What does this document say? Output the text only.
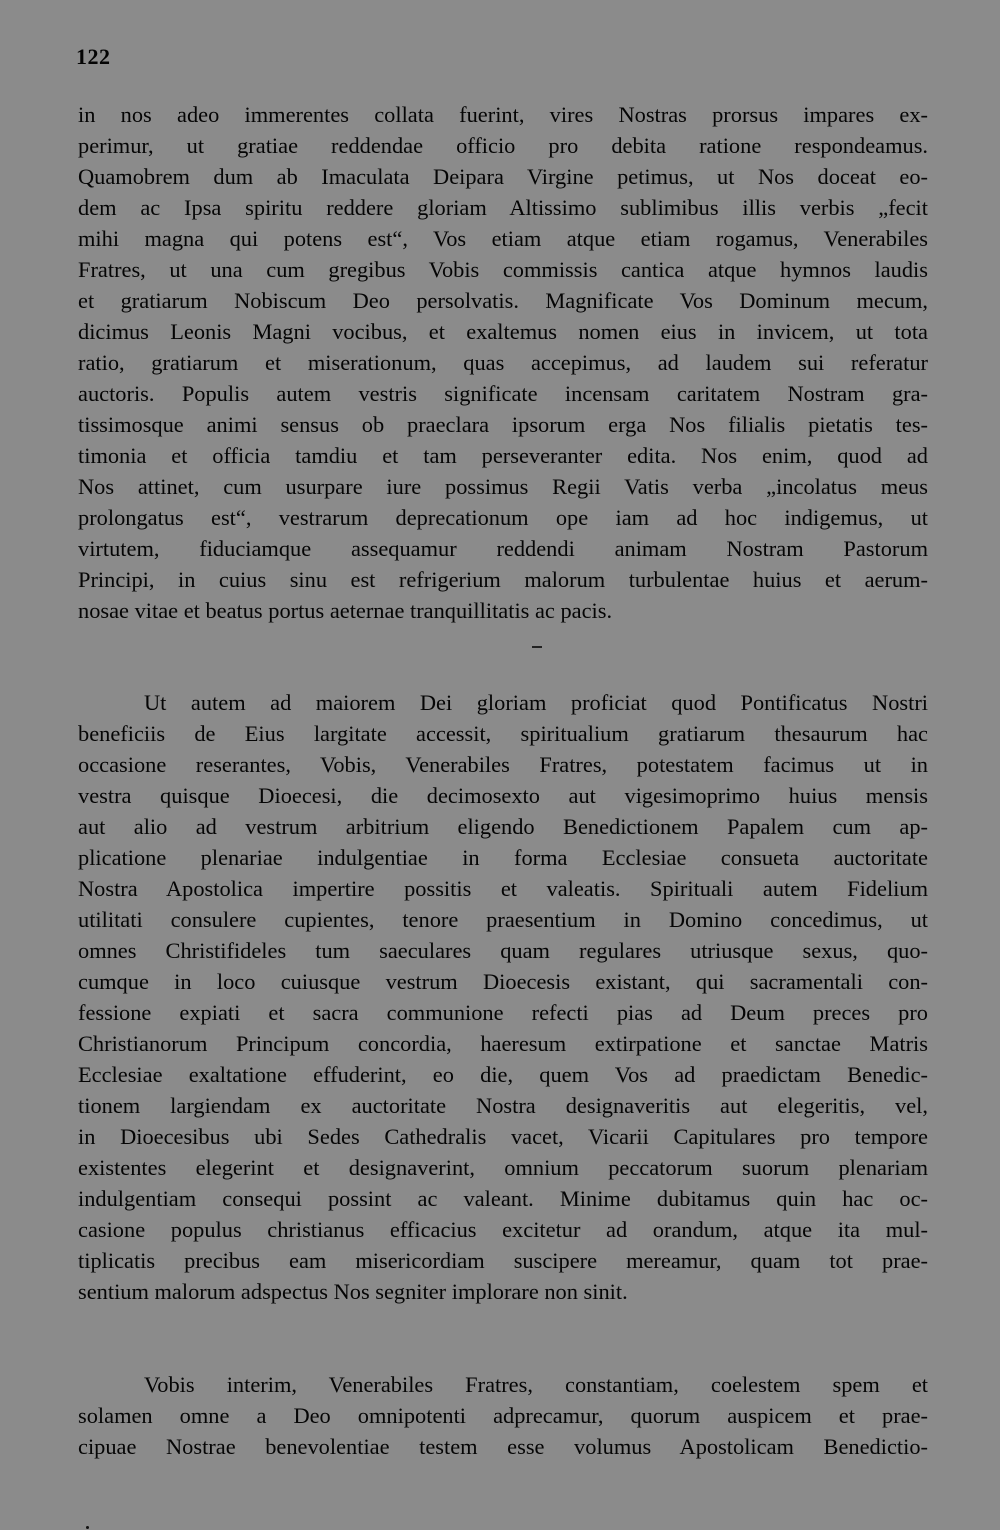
122
in nos adeo immerentes collata fuerint, vires Nostras prorsus impares ex-
perimur, ut gratiae reddendae officio pro debita ratione respondeamus.
Quamobrem dum ab Imaculata Deipara Virgine petimus, ut Nos doceat eo-
dem ac Ipsa spiritu reddere gloriam Altissimo sublimibus illis verbis „fecit
mihi magna qui potens est“, Vos etiam atque etiam rogamus, Venerabiles
Fratres, ut una cum gregibus Vobis commissis cantica atque hymnos laudis
et gratiarum Nobiscum Deo persolvatis. Magnificate Vos Dominum mecum,
dicimus Leonis Magni vocibus, et exaltemus nomen eius in invicem, ut tota
ratio, gratiarum et miserationum, quas accepimus, ad laudem sui referatur
auctoris. Populis autem vestris significate incensam caritatem Nostram gra-
tissimosque animi sensus ob praeclara ipsorum erga Nos filialis pietatis tes-
timonia et officia tamdiu et tam perseveranter edita. Nos enim, quod ad
Nos attinet, cum usurpare iure possimus Regii Vatis verba „incolatus meus
prolongatus est“, vestrarum deprecationum ope iam ad hoc indigemus, ut
virtutem, fiduciamque assequamur reddendi animam Nostram Pastorum
Principi, in cuius sinu est refrigerium malorum turbulentae huius et aerum-
nosae vitae et beatus portus aeternae tranquillitatis ac pacis.
Ut autem ad maiorem Dei gloriam proficiat quod Pontificatus Nostri
beneficiis de Eius largitate accessit, spiritualium gratiarum thesaurum hac
occasione reserantes, Vobis, Venerabiles Fratres, potestatem facimus ut in
vestra quisque Dioecesi, die decimosexto aut vigesimoprimo huius mensis
aut alio ad vestrum arbitrium eligendo Benedictionem Papalem cum ap-
plicatione plenariae indulgentiae in forma Ecclesiae consueta auctoritate
Nostra Apostolica impertire possitis et valeatis. Spirituali autem Fidelium
utilitati consulere cupientes, tenore praesentium in Domino concedimus, ut
omnes Christifideles tum saeculares quam regulares utriusque sexus, quo-
cumque in loco cuiusque vestrum Dioecesis existant, qui sacramentali con-
fessione expiati et sacra communione refecti pias ad Deum preces pro
Christianorum Principum concordia, haeresum extirpatione et sanctae Matris
Ecclesiae exaltatione effuderint, eo die, quem Vos ad praedictam Benedic-
tionem largiendam ex auctoritate Nostra designaveritis aut elegeritis, vel,
in Dioecesibus ubi Sedes Cathedralis vacet, Vicarii Capitulares pro tempore
existentes elegerint et designaverint, omnium peccatorum suorum plenariam
indulgentiam consequi possint ac valeant. Minime dubitamus quin hac oc-
casione populus christianus efficacius excitetur ad orandum, atque ita mul-
tiplicatis precibus eam misericordiam suscipere mereamur, quam tot prae-
sentium malorum adspectus Nos segniter implorare non sinit.
Vobis interim, Venerabiles Fratres, constantiam, coelestem spem et
solamen omne a Deo omnipotenti adprecamur, quorum auspicem et prae-
cipuae Nostrae benevolentiae testem esse volumus Apostolicam Benedictio-
